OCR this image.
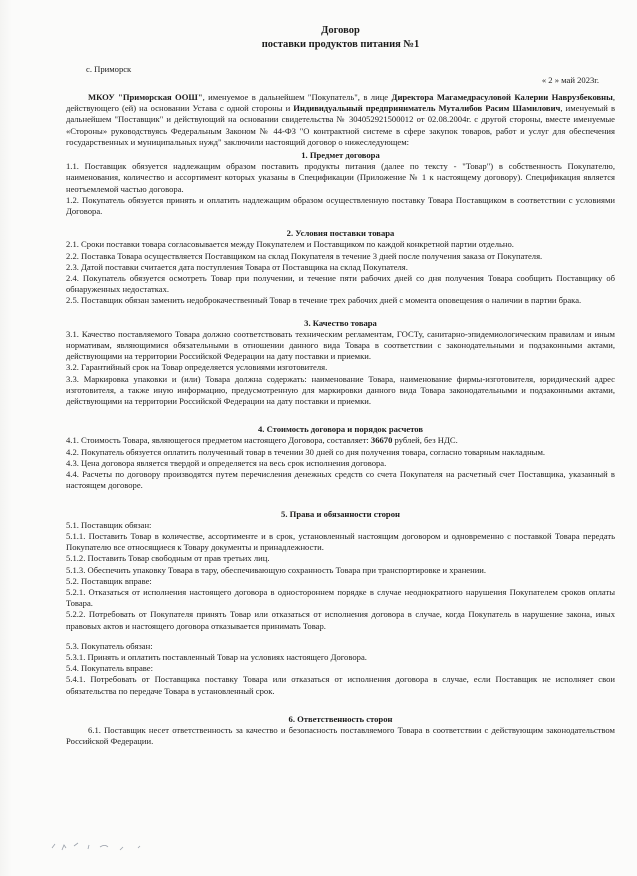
Договор
поставки продуктов питания №1
с. Приморск
« 2 » май 2023г.

МКОУ "Приморская ООШ", именуемое в дальнейшем "Покупатель", в лице Директора Магамедрасуловой Калерии Наврузбековны, действующего (ей) на основании Устава с одной стороны и Индивидуальный предприниматель Муталибов Расим Шамилович, именуемый в дальнейшем "Поставщик" и действующий на основании свидетельства № 304052921500012 от 02.08.2004г. с другой стороны, вместе именуемые «Стороны» руководствуясь Федеральным Законом № 44-ФЗ "О контрактной системе в сфере закупок товаров, работ и услуг для обеспечения государственных и муниципальных нужд" заключили настоящий договор о нижеследующем:

1. Предмет договора

1.1. Поставщик обязуется надлежащим образом поставить продукты питания (далее по тексту - "Товар") в собственность Покупателю, наименования, количество и ассортимент которых указаны в Спецификации (Приложение № 1 к настоящему договору). Спецификация является неотъемлемой частью договора.

1.2. Покупатель обязуется принять и оплатить надлежащим образом осуществленную поставку Товара Поставщиком в соответствии с условиями Договора.

2. Условия поставки товара

2.1. Сроки поставки товара согласовывается между Покупателем и Поставщиком по каждой конкретной партии отдельно.

2.2. Поставка Товара осуществляется Поставщиком на склад Покупателя в течение 3 дней после получения заказа от Покупателя.

2.3. Датой поставки считается дата поступления Товара от Поставщика на склад Покупателя.

2.4. Покупатель обязуется осмотреть Товар при получении, и течение пяти рабочих дней со дня получения Товара сообщить Поставщику об обнаруженных недостатках.

2.5. Поставщик обязан заменить недоброкачественный Товар в течение трех рабочих дней с момента оповещения о наличии в партии брака.

3. Качество товара

3.1. Качество поставляемого Товара должно соответствовать техническим регламентам, ГОСТу, санитарно-эпидемиологическим правилам и иным нормативам, являющимися обязательными в отношении данного вида Товара в соответствии с законодательными и подзаконными актами, действующими на территории Российской Федерации на дату поставки и приемки.

3.2. Гарантийный срок на Товар определяется условиями изготовителя.

3.3. Маркировка упаковки и (или) Товара должна содержать: наименование Товара, наименование фирмы-изготовителя, юридический адрес изготовителя, а также иную информацию, предусмотренную для маркировки данного вида Товара законодательными и подзаконными актами, действующими на территории Российской Федерации на дату поставки и приемки.

4. Стоимость договора и порядок расчетов

4.1. Стоимость Товара, являющегося предметом настоящего Договора, составляет: 36670 рублей, без НДС.

4.2. Покупатель обязуется оплатить полученный товар в течении 30 дней со дня получения товара, согласно товарным накладным.

4.3. Цена договора является твердой и определяется на весь срок исполнения договора.

4.4. Расчеты по договору производятся путем перечисления денежных средств со счета Покупателя на расчетный счет Поставщика, указанный в настоящем договоре.

5. Права и обязанности сторон

5.1. Поставщик обязан:

5.1.1. Поставить Товар в количестве, ассортименте и в срок, установленный настоящим договором и одновременно с поставкой Товара передать Покупателю все относящиеся к Товару документы и принадлежности.

5.1.2. Поставить Товар свободным от прав третьих лиц.

5.1.3. Обеспечить упаковку Товара в тару, обеспечивающую сохранность Товара при транспортировке и хранении.

5.2. Поставщик вправе:

5.2.1. Отказаться от исполнения настоящего договора в одностороннем порядке в случае неоднократного нарушения Покупателем сроков оплаты Товара.

5.2.2. Потребовать от Покупателя принять Товар или отказаться от исполнения договора в случае, когда Покупатель в нарушение закона, иных правовых актов и настоящего договора отказывается принимать Товар.

5.3. Покупатель обязан:

5.3.1. Принять и оплатить поставленный Товар на условиях настоящего Договора.

5.4. Покупатель вправе:

5.4.1. Потребовать от Поставщика поставку Товара или отказаться от исполнения договора в случае, если Поставщик не исполняет свои обязательства по передаче Товара в установленный срок.

6. Ответственность сторон

6.1. Поставщик несет ответственность за качество и безопасность поставляемого Товара в соответствии с действующим законодательством Российской Федерации.
